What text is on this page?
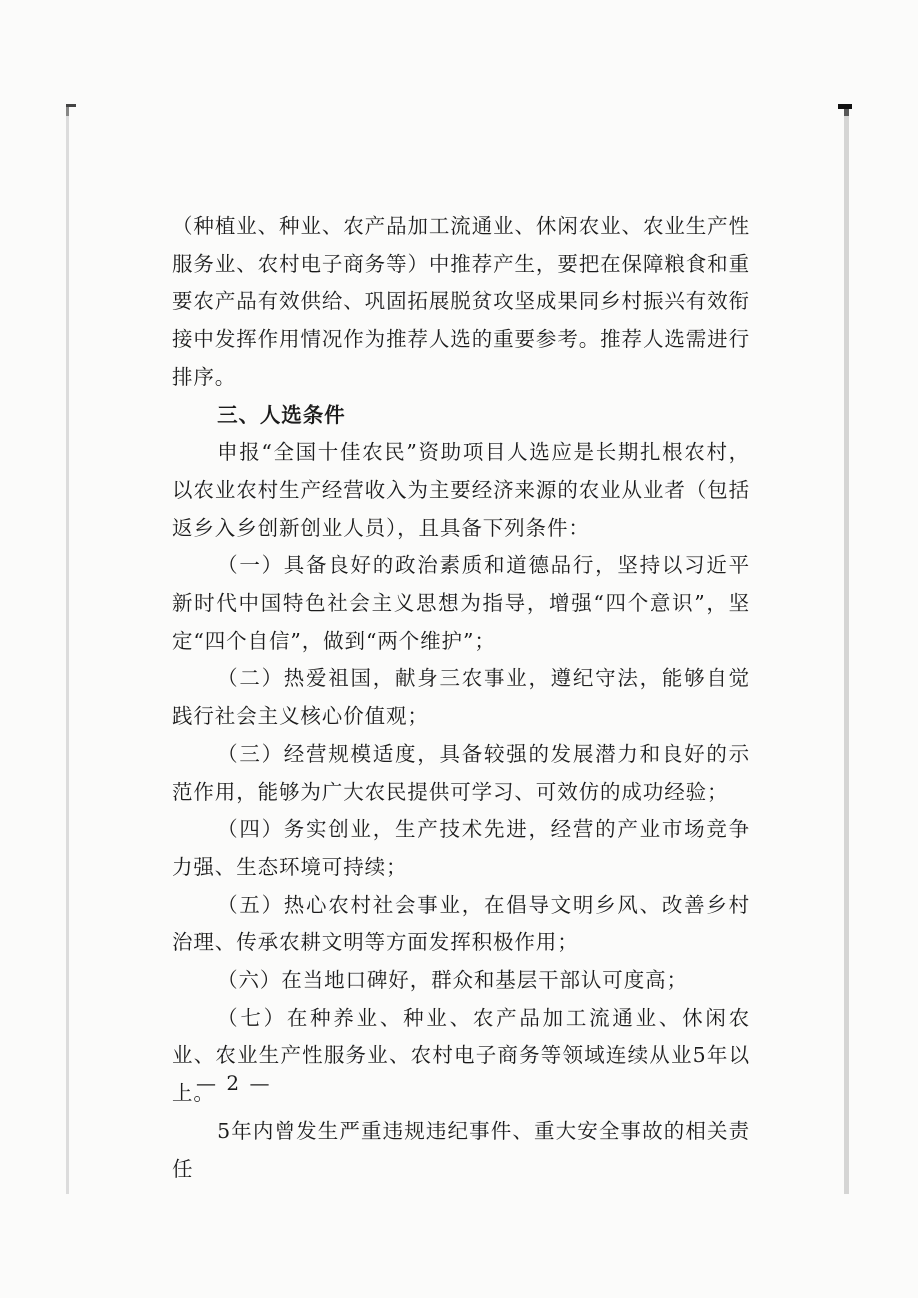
（种植业、种业、农产品加工流通业、休闲农业、农业生产性服务业、农村电子商务等）中推荐产生，要把在保障粮食和重要农产品有效供给、巩固拓展脱贫攻坚成果同乡村振兴有效衔接中发挥作用情况作为推荐人选的重要参考。推荐人选需进行排序。

三、人选条件

申报“全国十佳农民”资助项目人选应是长期扎根农村，以农业农村生产经营收入为主要经济来源的农业从业者（包括返乡入乡创新创业人员），且具备下列条件：

（一）具备良好的政治素质和道德品行，坚持以习近平新时代中国特色社会主义思想为指导，增强“四个意识”，坚定“四个自信”，做到“两个维护”；

（二）热爱祖国，献身三农事业，遵纪守法，能够自觉践行社会主义核心价值观；

（三）经营规模适度，具备较强的发展潜力和良好的示范作用，能够为广大农民提供可学习、可效仿的成功经验；

（四）务实创业，生产技术先进，经营的产业市场竞争力强、生态环境可持续；

（五）热心农村社会事业，在倡导文明乡风、改善乡村治理、传承农耕文明等方面发挥积极作用；

（六）在当地口碑好，群众和基层干部认可度高；

（七）在种养业、种业、农产品加工流通业、休闲农业、农业生产性服务业、农村电子商务等领域连续从业5年以上。

5年内曾发生严重违规违纪事件、重大安全事故的相关责任

— 2 —
